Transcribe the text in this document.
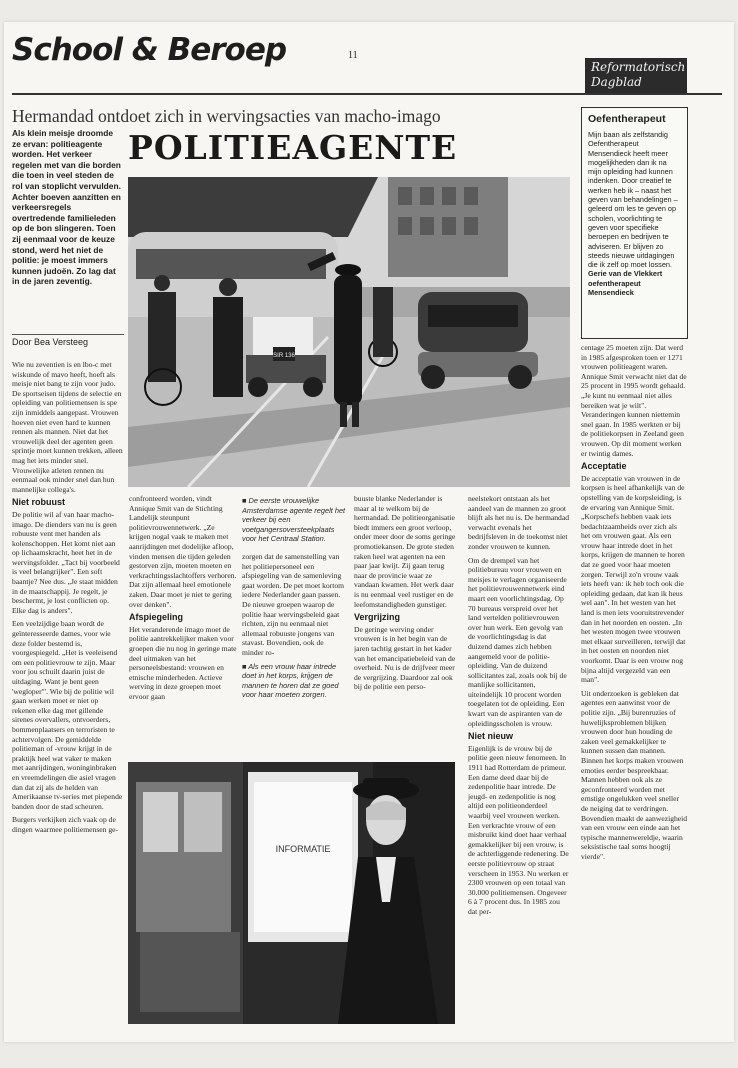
School & Beroep	11
Reformatorisch
Dagblad
Hermandad ontdoet zich in wervingsacties van macho-imago
POLITIEAGENTE
Als klein meisje droomde ze ervan: politieagente worden. Het verkeer regelen met van die borden die toen in veel steden de rol van stoplicht vervulden. Achter boeven aanzitten en verkeersregels overtredende familieleden op de bon slingeren. Toen zij eenmaal voor de keuze stond, werd het niet de politie: je moest immers kunnen judoën. Zo lag dat in de jaren zeventig.
Door Bea Versteeg
SIR 136
Oefentherapeut
Mijn baan als zelfstandig Oefentherapeut Mensendieck heeft meer mogelijkheden dan ik na mijn opleiding had kunnen indenken. Door creatief te werken heb ik – naast het geven van behandelingen – geleerd om les te geven op scholen, voorlichting te geven voor specifieke beroepen en bedrijven te adviseren. Er blijven zo steeds nieuwe uitdagingen die ik zelf op moet lossen.
Gerie van de Vlekkert
oefentherapeut Mensendieck

Wie nu zeventien is en lbo-c met wiskunde of mavo heeft, hoeft als meisje niet bang te zijn voor judo. De sportseisen tijdens de selectie en opleiding van politiemensen is spe zijn inmiddels aangepast. Vrouwen hoeven niet even hard te kunnen rennen als mannen. Niet dat het vrouwelijk deel der agenten geen sprintje moet kunnen trekken, alleen mag het iets minder snel. Vrouwelijke atleten rennen nu eenmaal ook minder snel dan hun mannelijke collega's.

Niet robuust

De politie wil af van haar macho-imago. De dienders van nu is geen robuuste vent met handen als kolenschoppen. Het komt niet aan op lichaamskracht, heet het in de wervingsfolder. „Tact bij voorbeeld is veel belangrijker". Een soft baantje? Nee dus. „Je staat midden in de maatschappij. Je regelt, je beschermt, je lost conflicten op. Elke dag is anders".

Een veelzijdige baan wordt de geïnteresseerde dames, voor wie deze folder bestemd is, voorgespiegeld. „Het is veeleisend om een politievrouw te zijn. Maar voor jou schuilt daarin juist de uitdaging. Want je bent geen 'wegloper'". Wie bij de politie wil gaan werken moet er niet op rekenen elke dag met gillende sirenes overvallers, ontvoerders, bommenplaatsers en terroristen te achtervolgen. De gemiddelde politieman of -vrouw krijgt in de praktijk heel wat vaker te maken met aanrijdingen, woninginbraken en vreemdelingen die asiel vragen dan dat zij als de helden van Amerikaanse tv-series met piepende banden door de stad scheuren.

Burgers verkijken zich vaak op de dingen waarmee politiemensen ge-

confronteerd worden, vindt Annique Smit van de Stichting Landelijk steunpunt politievrouwennetwerk. „Ze krijgen nogal vaak te maken met aanrijdingen met dodelijke afloop, vinden mensen die tijden geleden gestorven zijn, moeten moeten en verkrachtingsslachtoffers verhoren. Dat zijn allemaal heel emotionele zaken. Daar moet je niet te gering over denken".

Afspiegeling

Het veranderende imago moet de politie aantrekkelijker maken voor groepen die nu nog in geringe mate deel uitmaken van het personeelsbestand: vrouwen en etnische minderheden. Actieve werving in deze groepen moet ervoor gaan

■ De eerste vrouwelijke Amsterdamse agente regelt het verkeer bij een voetgangersoversteekplaats voor het Centraal Station.

zorgen dat de samenstelling van het politiepersoneel een afspiegeling van de samenleving gaat worden. De pet moet kortom iedere Nederlander gaan passen. De nieuwe groepen waarop de politie haar wervingsbeleid gaat richten, zijn nu eenmaal niet allemaal robuuste jongens van stavast. Bovendien, ook de minder ro-

■ Als een vrouw haar intrede doet in het korps, krijgen de mannen te horen dat ze goed voor haar moeten zorgen.

buuste blanke Nederlander is maar al te welkom bij de hermandad. De politieorganisatie biedt immers een groot verloop, onder meer door de soms geringe promotiekansen. De grote steden raken heel wat agenten na een paar jaar kwijt. Zij gaan terug naar de provincie waar ze vandaan kwamen. Het werk daar is nu eenmaal veel rustiger en de leefomstandigheden gunstiger.

Vergrijzing

De geringe werving onder vrouwen is in het begin van de jaren tachtig gestart in het kader van het emancipatiebeleid van de overheid. Nu is de drijfveer meer de vergrijzing. Daardoor zal ook bij de politie een perso-

INFORMATIE

neelstekort ontstaan als het aandeel van de mannen zo groot blijft als het nu is. De hermandad verwacht evenals het bedrijfsleven in de toekomst niet zonder vrouwen te kunnen.

Om de drempel van het politiebureau voor vrouwen en meisjes te verlagen organiseerde het politievrouwennetwerk eind maart een voorlichtingsdag. Op 70 bureaus verspreid over het land vertelden politievrouwen over hun werk. Een gevolg van de voorlichtingsdag is dat duizend dames zich hebben aangemeld voor de politie-opleiding. Van de duizend sollicitantes zal, zoals ook bij de manlijke sollicitanten, uiteindelijk 10 procent worden toegelaten tot de opleiding. Een kwart van de aspiranten van de opleidingsscholen is vrouw.

Niet nieuw

Eigenlijk is de vrouw bij de politie geen nieuw fenomeen. In 1911 had Rotterdam de primeur. Een dame deed daar bij de zedenpolitie haar intrede. De jeugd- en zedenpolitie is nog altijd een politieonderdeel waarbij veel vrouwen werken. Een verkrachte vrouw of een misbruikt kind doet haar verhaal gemakkelijker bij een vrouw, is de achterliggende redenering. De eerste politievrouw op straat verscheen in 1953. Nu werken er 2300 vrouwen op een totaal van 30.000 politiemensen. Ongeveer 6 à 7 procent dus. In 1985 zou dat per-

centage 25 moeten zijn. Dat werd in 1985 afgesproken toen er 1271 vrouwen politieagent waren. Annique Smit verwacht niet dat de 25 procent in 1995 wordt gehaald. „Je kunt nu eenmaal niet alles bereiken wat je wilt". Veranderingen kunnen niettemin snel gaan. In 1985 werkten er bij de politiekorpsen in Zeeland geen vrouwen. Op dit moment werken er twintig dames.

Acceptatie

De acceptatie van vrouwen in de korpsen is heel afhankelijk van de opstelling van de korpsleiding, is de ervaring van Annique Smit. „Korpschefs hebben vaak iets bedachtzaamheids over zich als het om vrouwen gaat. Als een vrouw haar intrede doet in het korps, krijgen de mannen te horen dat ze goed voor haar moeten zorgen. Terwijl zo'n vrouw vaak iets heeft van: ik heb toch ook die opleiding gedaan, dat kan ik heus wel aan". In het westen van het land is men iets vooruitstrevender dan in het noorden en oosten. „In het westen mogen twee vrouwen met elkaar surveilleren, terwijl dat in het oosten en noorden niet voorkomt. Daar is een vrouw nog bijna altijd vergezeld van een man".

Uit onderzoeken is gebleken dat agentes een aanwinst voor de politie zijn. „Bij burenruzies of huwelijksproblemen blijken vrouwen door hun houding de zaken veel gemakkelijker te kunnen sussen dan mannen. Binnen het korps maken vrouwen emoties eerder bespreekbaar. Mannen hebben ook als ze geconfronteerd worden met ernstige ongelukken veel sneller de neiging dat te verdringen. Bovendien maakt de aanwezigheid van een vrouw een einde aan het typische mannenwereldje, waarin seksistische taal soms hoogtij vierde".
